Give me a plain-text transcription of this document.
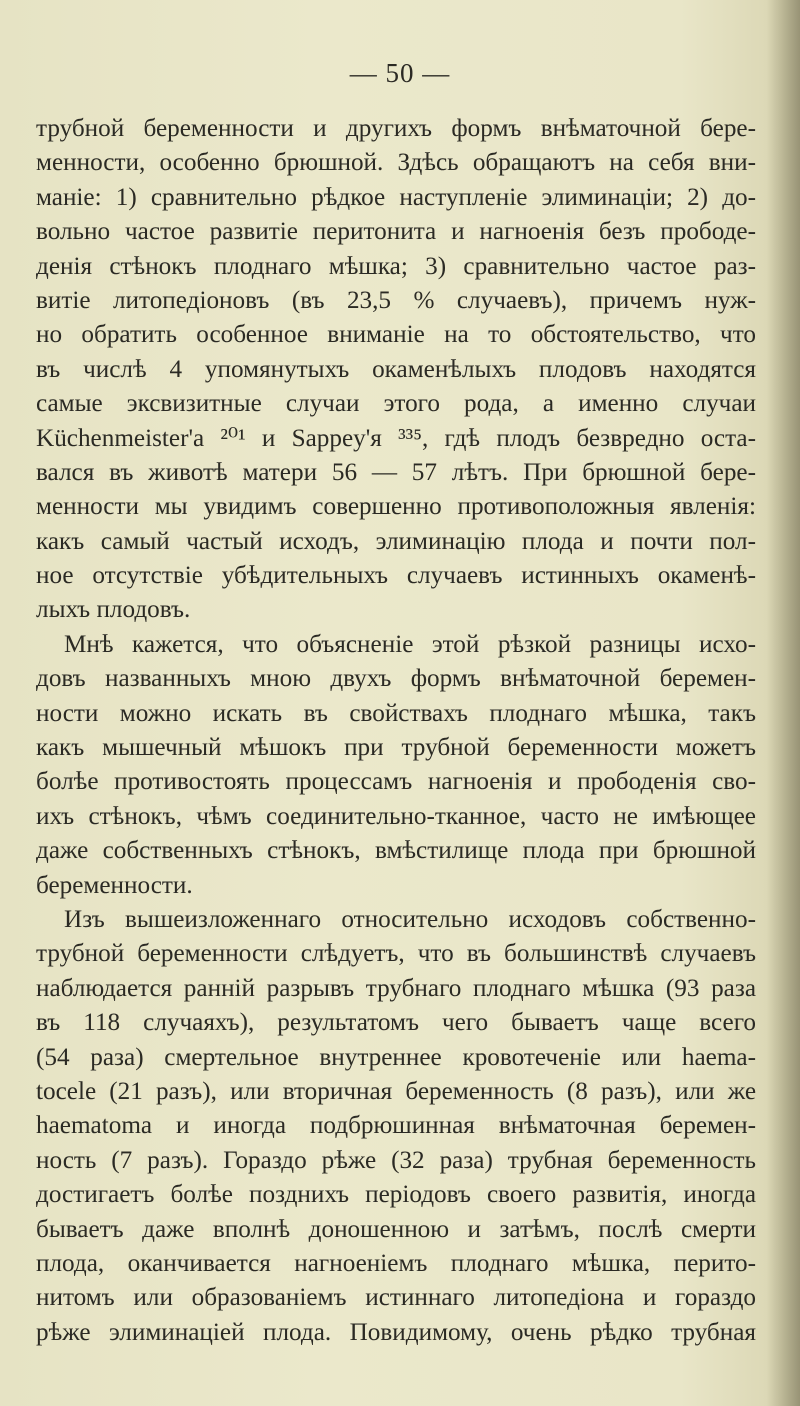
— 50 —
трубной беременности и другихъ формъ внѣматочной бере-
менности, особенно брюшной. Здѣсь обращаютъ на себя вни-
маніе: 1) сравнительно рѣдкое наступленіе элиминаціи; 2) до-
вольно частое развитіе перитонита и нагноенія безъ прободе-
денія стѣнокъ плоднаго мѣшка; 3) сравнительно частое раз-
витіе литопедіоновъ (въ 23,5 % случаевъ), причемъ нуж-
но обратить особенное вниманіе на то обстоятельство, что
въ числѣ 4 упомянутыхъ окаменѣлыхъ плодовъ находятся
самые эксвизитные случаи этого рода, а именно случаи
Küchenmeister'a ²⁰¹ и Sappey'я ³³⁵, гдѣ плодъ безвредно оста-
вался въ животѣ матери 56 — 57 лѣтъ. При брюшной бере-
менности мы увидимъ совершенно противоположныя явленія:
какъ самый частый исходъ, элиминацію плода и почти пол-
ное отсутствіе убѣдительныхъ случаевъ истинныхъ окаменѣ-
лыхъ плодовъ.
Мнѣ кажется, что объясненіе этой рѣзкой разницы исхо-
довъ названныхъ мною двухъ формъ внѣматочной беремен-
ности можно искать въ свойствахъ плоднаго мѣшка, такъ
какъ мышечный мѣшокъ при трубной беременности можетъ
болѣе противостоять процессамъ нагноенія и прободенія сво-
ихъ стѣнокъ, чѣмъ соединительно-тканное, часто не имѣющее
даже собственныхъ стѣнокъ, вмѣстилище плода при брюшной
беременности.
Изъ вышеизложеннаго относительно исходовъ собственно-
трубной беременности слѣдуетъ, что въ большинствѣ случаевъ
наблюдается ранній разрывъ трубнаго плоднаго мѣшка (93 раза
въ 118 случаяхъ), результатомъ чего бываетъ чаще всего
(54 раза) смертельное внутреннее кровотеченіе или haema-
tocele (21 разъ), или вторичная беременность (8 разъ), или же
haematoma и иногда подбрюшинная внѣматочная беремен-
ность (7 разъ). Гораздо рѣже (32 раза) трубная беременность
достигаетъ болѣе позднихъ періодовъ своего развитія, иногда
бываетъ даже вполнѣ доношенною и затѣмъ, послѣ смерти
плода, оканчивается нагноеніемъ плоднаго мѣшка, перито-
нитомъ или образованіемъ истиннаго литопедіона и гораздо
рѣже элиминаціей плода. Повидимому, очень рѣдко трубная
